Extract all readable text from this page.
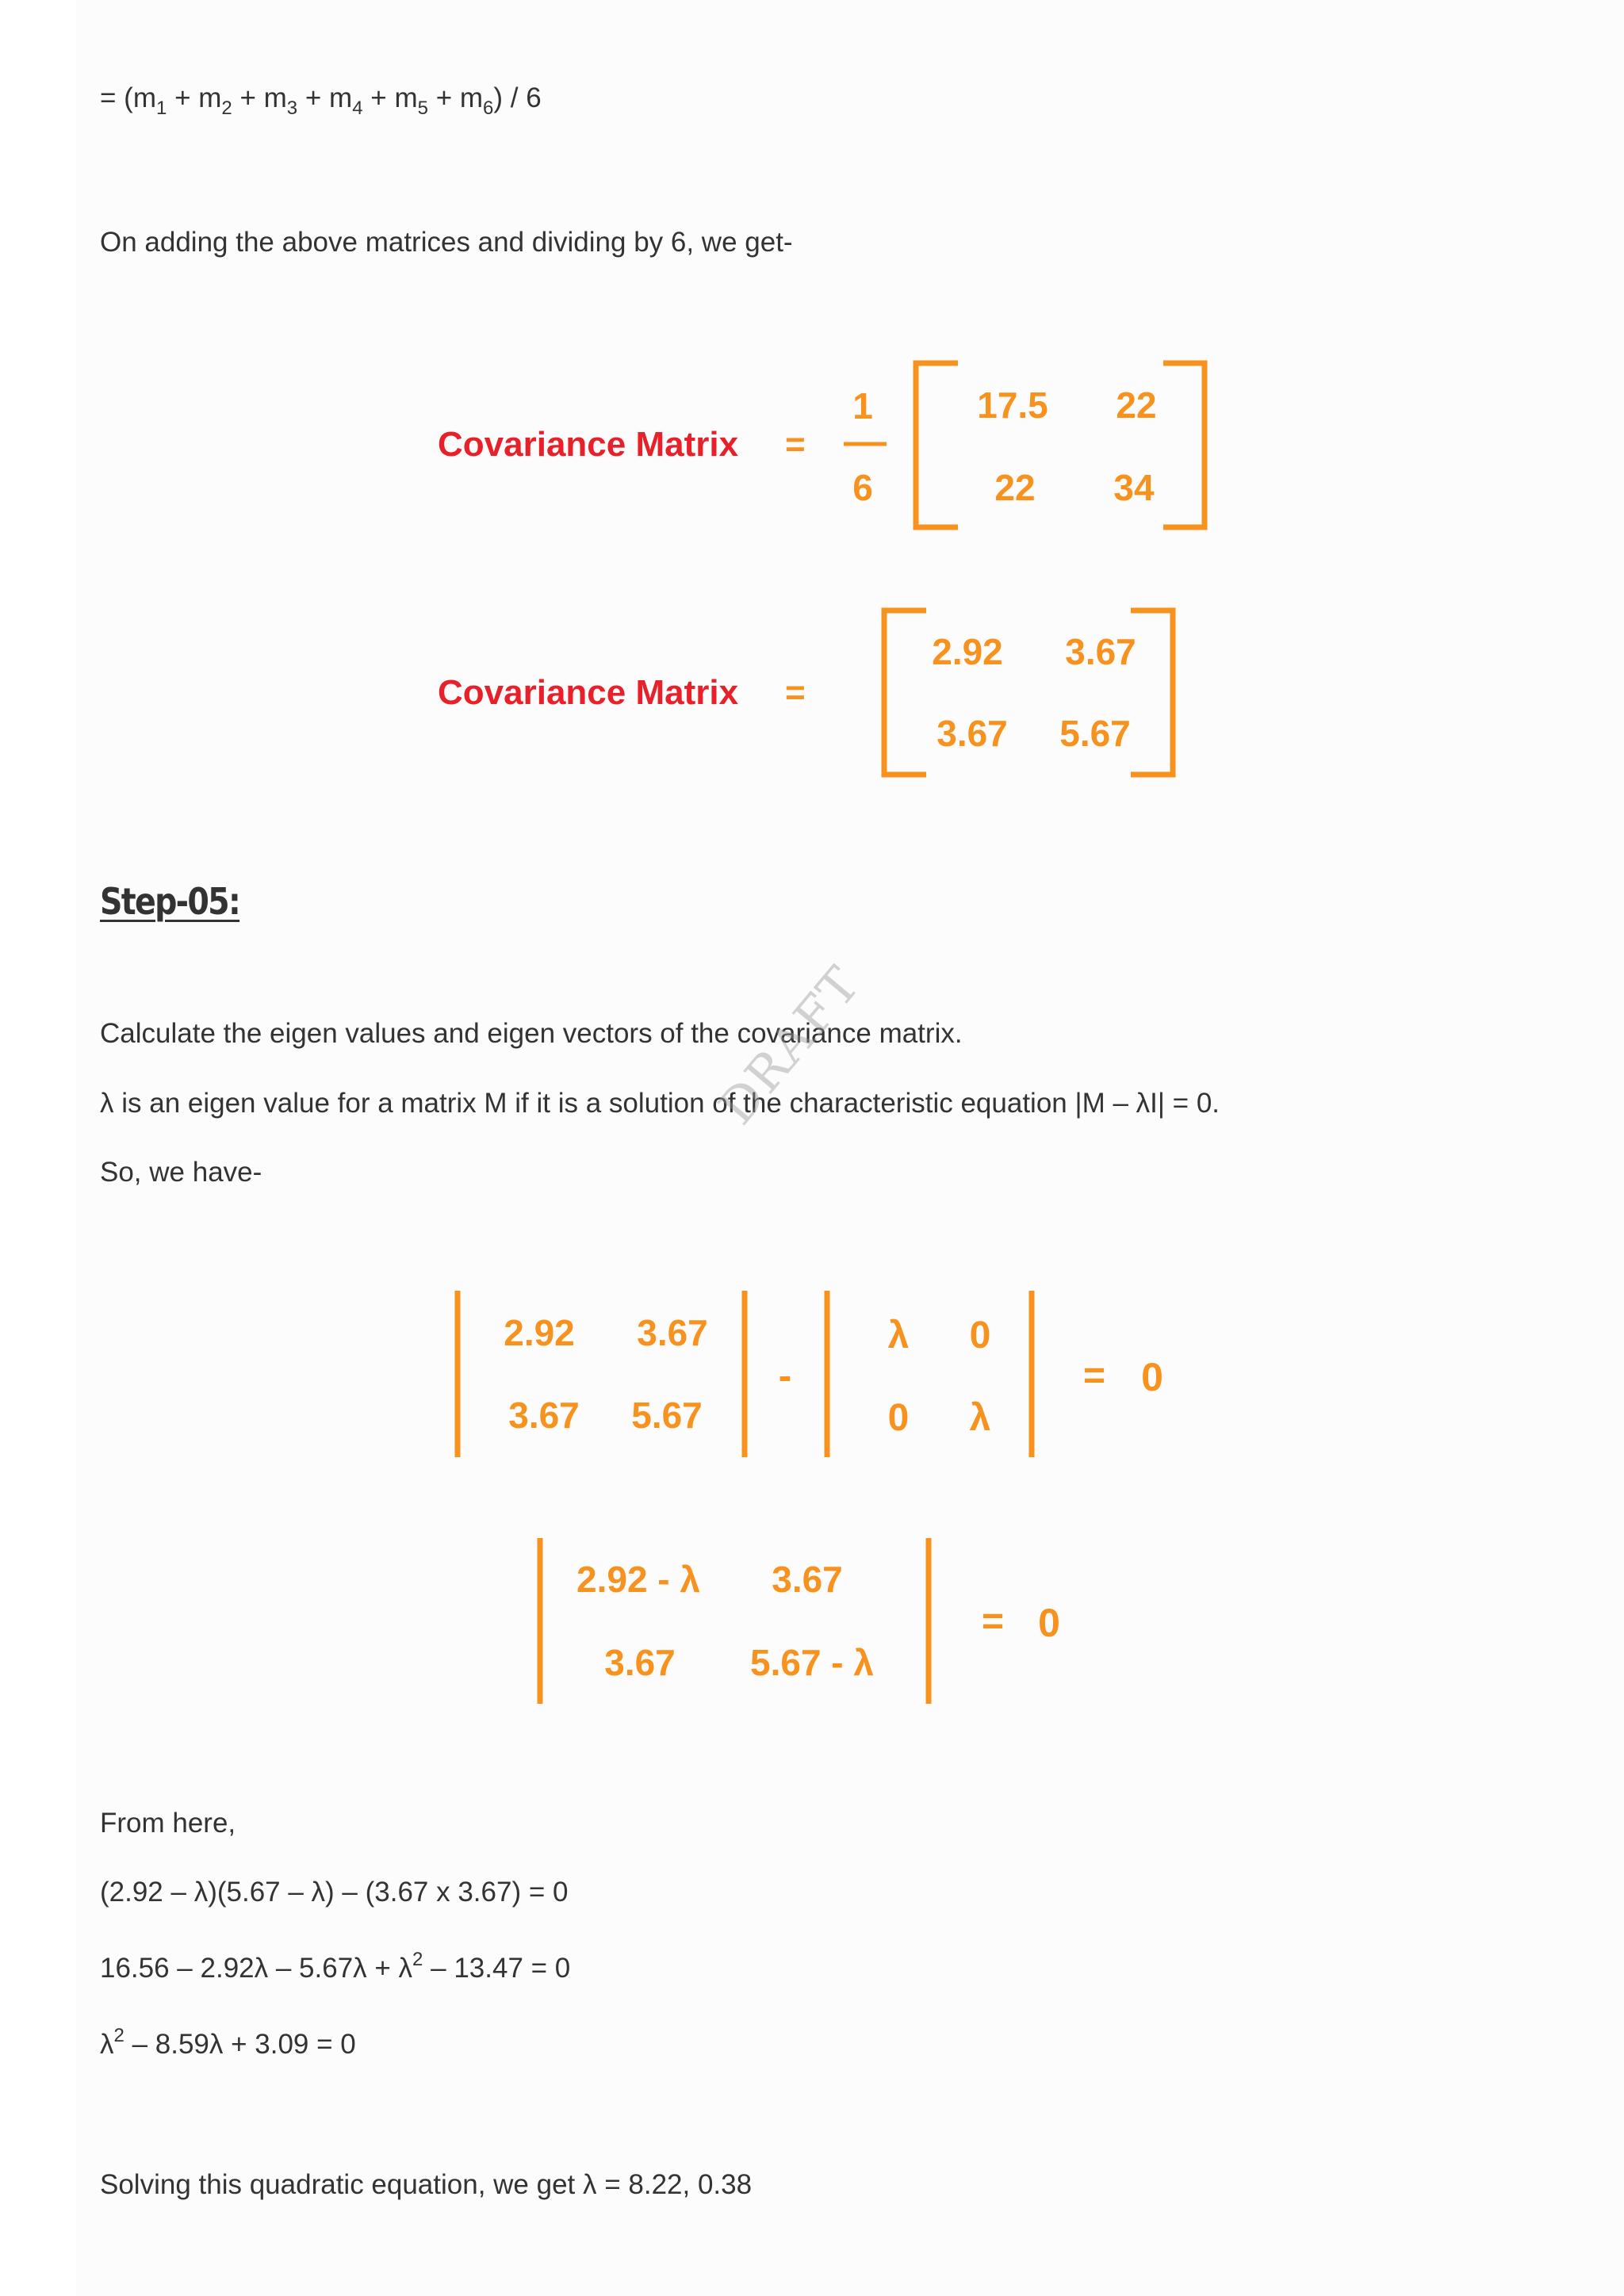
= $(m_1 + m_2 + m_3 + m_4 + m_5 + m_6) / 6$

On adding the above matrices and dividing by 6, we get-

Covariance Matrix =
1
6
17.5 22
22 34
Covariance Matrix =
2.92 3.67
3.67 5.67
Step-05:

Calculate the eigen values and eigen vectors of the covariance matrix.

λ is an eigen value for a matrix M if it is a solution of the characteristic equation |M – λI| = 0.

So, we have-

2.92 3.67
3.67 5.67
-
λ 0
0 λ
= 0
2.92 - λ 3.67
3.67 5.67 - λ
= 0

From here,

(2.92 – λ)(5.67 – λ) – (3.67 x 3.67) = 0

$16.56 - 2.92\lambda - 5.67\lambda + \lambda^2 - 13.47 = 0$

$\lambda^2 - 8.59\lambda + 3.09 = 0$

Solving this quadratic equation, we get λ = 8.22, 0.38

DRAFT
